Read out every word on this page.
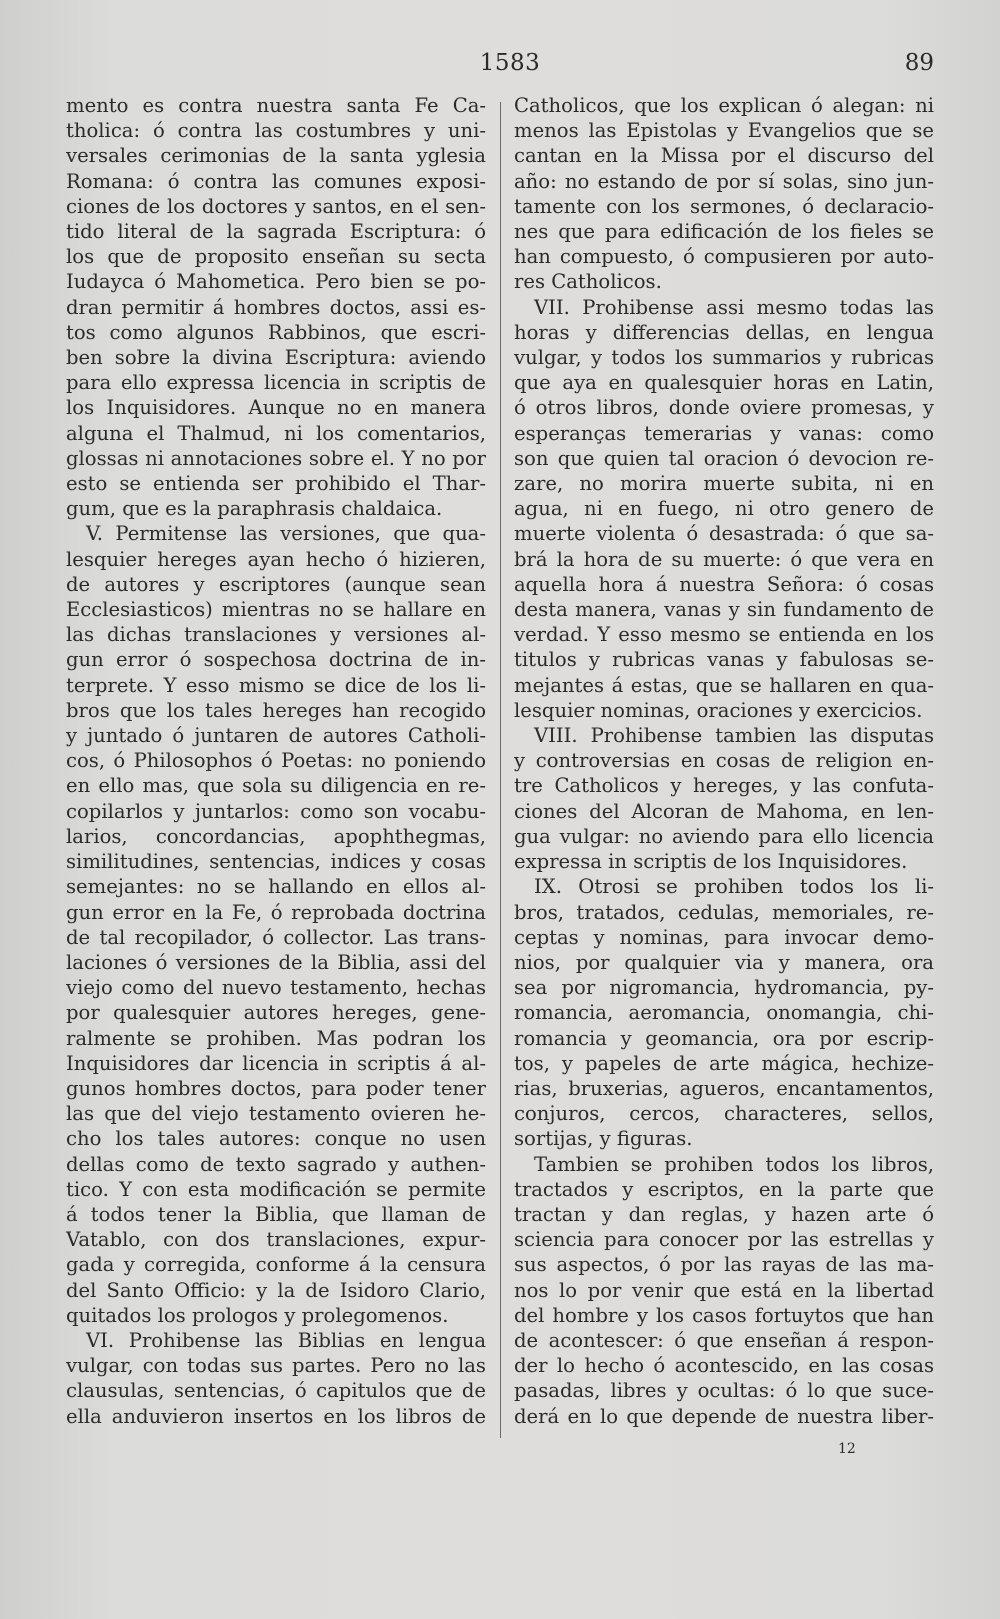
1583	89
mento es contra nuestra santa Fe Ca-
tholica: ó contra las costumbres y uni-
versales cerimonias de la santa yglesia
Romana: ó contra las comunes exposi-
ciones de los doctores y santos, en el sen-
tido literal de la sagrada Escriptura: ó
los que de proposito enseñan su secta
Iudayca ó Mahometica. Pero bien se po-
dran permitir á hombres doctos, assi es-
tos como algunos Rabbinos, que escri-
ben sobre la divina Escriptura: aviendo
para ello expressa licencia in scriptis de
los Inquisidores. Aunque no en manera
alguna el Thalmud, ni los comentarios,
glossas ni annotaciones sobre el. Y no por
esto se entienda ser prohibido el Thar-
gum, que es la paraphrasis chaldaica.
V. Permitense las versiones, que qua-
lesquier hereges ayan hecho ó hizieren,
de autores y escriptores (aunque sean
Ecclesiasticos) mientras no se hallare en
las dichas translaciones y versiones al-
gun error ó sospechosa doctrina de in-
terprete. Y esso mismo se dice de los li-
bros que los tales hereges han recogido
y juntado ó juntaren de autores Catholi-
cos, ó Philosophos ó Poetas: no poniendo
en ello mas, que sola su diligencia en re-
copilarlos y juntarlos: como son vocabu-
larios, concordancias, apophthegmas,
similitudines, sentencias, indices y cosas
semejantes: no se hallando en ellos al-
gun error en la Fe, ó reprobada doctrina
de tal recopilador, ó collector. Las trans-
laciones ó versiones de la Biblia, assi del
viejo como del nuevo testamento, hechas
por qualesquier autores hereges, gene-
ralmente se prohiben. Mas podran los
Inquisidores dar licencia in scriptis á al-
gunos hombres doctos, para poder tener
las que del viejo testamento ovieren he-
cho los tales autores: conque no usen
dellas como de texto sagrado y authen-
tico. Y con esta modificación se permite
á todos tener la Biblia, que llaman de
Vatablo, con dos translaciones, expur-
gada y corregida, conforme á la censura
del Santo Officio: y la de Isidoro Clario,
quitados los prologos y prolegomenos.
VI. Prohibense las Biblias en lengua
vulgar, con todas sus partes. Pero no las
clausulas, sentencias, ó capitulos que de
ella anduvieron insertos en los libros de
Catholicos, que los explican ó alegan: ni
menos las Epistolas y Evangelios que se
cantan en la Missa por el discurso del
año: no estando de por sí solas, sino jun-
tamente con los sermones, ó declaracio-
nes que para edificación de los fieles se
han compuesto, ó compusieren por auto-
res Catholicos.
VII. Prohibense assi mesmo todas las
horas y differencias dellas, en lengua
vulgar, y todos los summarios y rubricas
que aya en qualesquier horas en Latin,
ó otros libros, donde oviere promesas, y
esperanças temerarias y vanas: como
son que quien tal oracion ó devocion re-
zare, no morira muerte subita, ni en
agua, ni en fuego, ni otro genero de
muerte violenta ó desastrada: ó que sa-
brá la hora de su muerte: ó que vera en
aquella hora á nuestra Señora: ó cosas
desta manera, vanas y sin fundamento de
verdad. Y esso mesmo se entienda en los
titulos y rubricas vanas y fabulosas se-
mejantes á estas, que se hallaren en qua-
lesquier nominas, oraciones y exercicios.
VIII. Prohibense tambien las disputas
y controversias en cosas de religion en-
tre Catholicos y hereges, y las confuta-
ciones del Alcoran de Mahoma, en len-
gua vulgar: no aviendo para ello licencia
expressa in scriptis de los Inquisidores.
IX. Otrosi se prohiben todos los li-
bros, tratados, cedulas, memoriales, re-
ceptas y nominas, para invocar demo-
nios, por qualquier via y manera, ora
sea por nigromancia, hydromancia, py-
romancia, aeromancia, onomangia, chi-
romancia y geomancia, ora por escrip-
tos, y papeles de arte mágica, hechize-
rias, bruxerias, agueros, encantamentos,
conjuros, cercos, characteres, sellos,
sortijas, y figuras.
Tambien se prohiben todos los libros,
tractados y escriptos, en la parte que
tractan y dan reglas, y hazen arte ó
sciencia para conocer por las estrellas y
sus aspectos, ó por las rayas de las ma-
nos lo por venir que está en la libertad
del hombre y los casos fortuytos que han
de acontescer: ó que enseñan á respon-
der lo hecho ó acontescido, en las cosas
pasadas, libres y ocultas: ó lo que suce-
derá en lo que depende de nuestra liber-
12
